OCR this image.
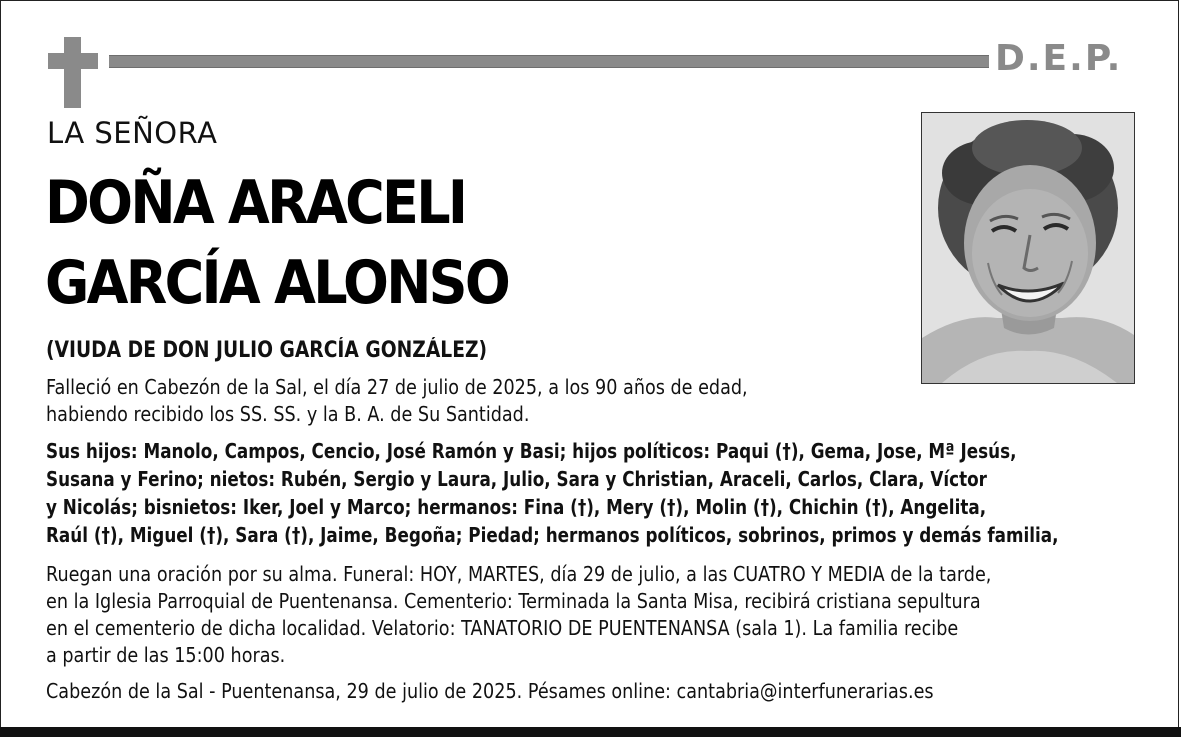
D.E.P.
LA SEÑORA
DOÑA ARACELI
GARCÍA ALONSO
(VIUDA DE DON JULIO GARCÍA GONZÁLEZ)
Falleció en Cabezón de la Sal, el día 27 de julio de 2025, a los 90 años de edad,
habiendo recibido los SS. SS. y la B. A. de Su Santidad.
Sus hijos: Manolo, Campos, Cencio, José Ramón y Basi; hijos políticos: Paqui (†), Gema, Jose, Mª Jesús,
Susana y Ferino; nietos: Rubén, Sergio y Laura, Julio, Sara y Christian, Araceli, Carlos, Clara, Víctor
y Nicolás; bisnietos: Iker, Joel y Marco; hermanos: Fina (†), Mery (†), Molin (†), Chichin (†), Angelita,
Raúl (†), Miguel (†), Sara (†), Jaime, Begoña; Piedad; hermanos políticos, sobrinos, primos y demás familia,
Ruegan una oración por su alma. Funeral: HOY, MARTES, día 29 de julio, a las CUATRO Y MEDIA de la tarde,
en la Iglesia Parroquial de Puentenansa. Cementerio: Terminada la Santa Misa, recibirá cristiana sepultura
en el cementerio de dicha localidad. Velatorio: TANATORIO DE PUENTENANSA (sala 1). La familia recibe
a partir de las 15:00 horas.
Cabezón de la Sal - Puentenansa, 29 de julio de 2025. Pésames online: cantabria@interfunerarias.es
